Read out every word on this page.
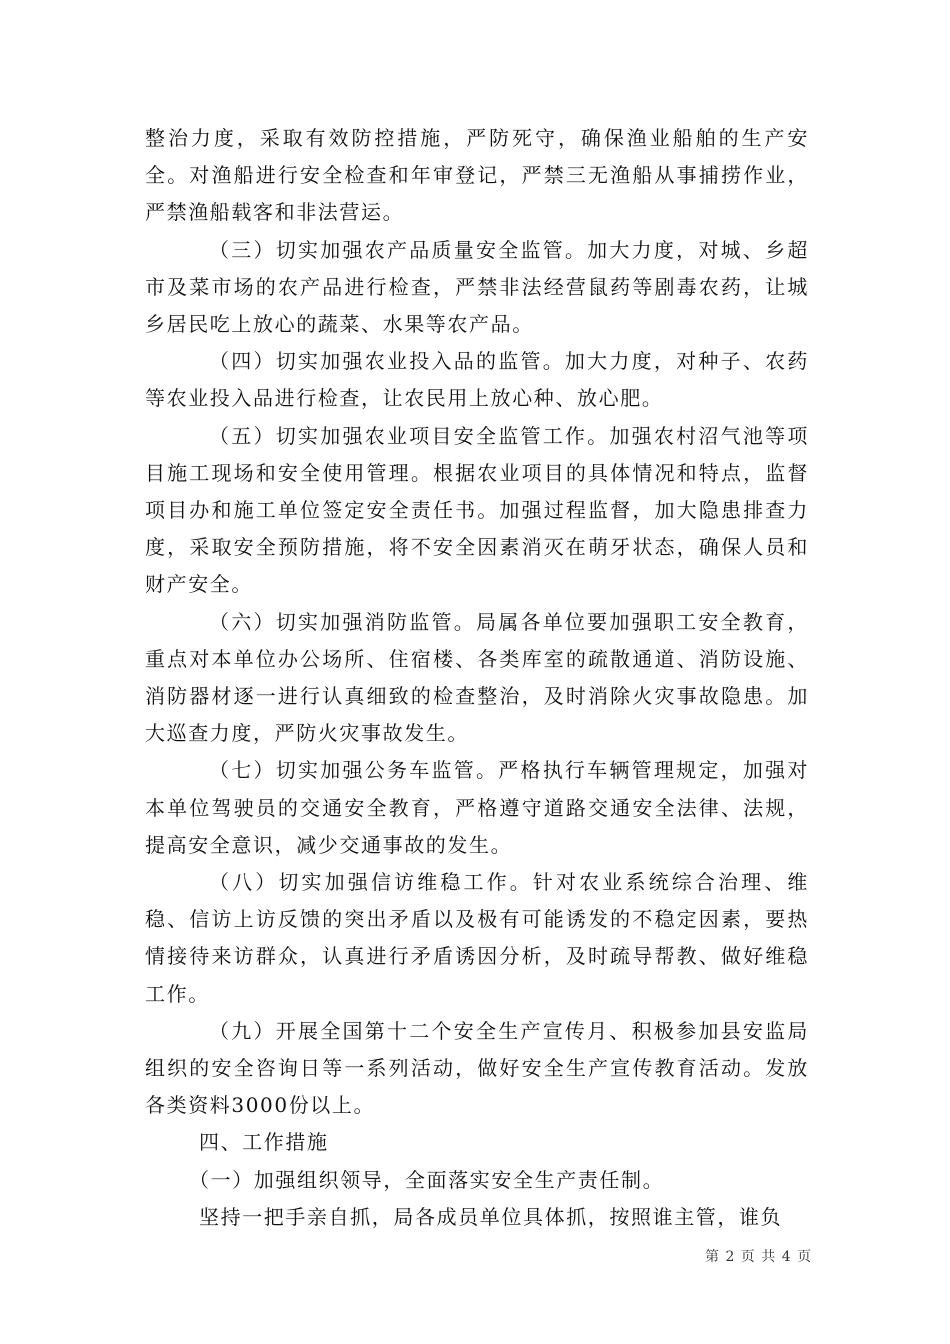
整治力度，采取有效防控措施，严防死守，确保渔业船舶的生产安全。对渔船进行安全检查和年审登记，严禁三无渔船从事捕捞作业，严禁渔船载客和非法营运。

（三）切实加强农产品质量安全监管。加大力度，对城、乡超市及菜市场的农产品进行检查，严禁非法经营鼠药等剧毒农药，让城乡居民吃上放心的蔬菜、水果等农产品。

（四）切实加强农业投入品的监管。加大力度，对种子、农药等农业投入品进行检查，让农民用上放心种、放心肥。

（五）切实加强农业项目安全监管工作。加强农村沼气池等项目施工现场和安全使用管理。根据农业项目的具体情况和特点，监督项目办和施工单位签定安全责任书。加强过程监督，加大隐患排查力度，采取安全预防措施，将不安全因素消灭在萌牙状态，确保人员和财产安全。

（六）切实加强消防监管。局属各单位要加强职工安全教育，重点对本单位办公场所、住宿楼、各类库室的疏散通道、消防设施、消防器材逐一进行认真细致的检查整治，及时消除火灾事故隐患。加大巡查力度，严防火灾事故发生。

（七）切实加强公务车监管。严格执行车辆管理规定，加强对本单位驾驶员的交通安全教育，严格遵守道路交通安全法律、法规，提高安全意识，减少交通事故的发生。

（八）切实加强信访维稳工作。针对农业系统综合治理、维稳、信访上访反馈的突出矛盾以及极有可能诱发的不稳定因素，要热情接待来访群众，认真进行矛盾诱因分析，及时疏导帮教、做好维稳工作。

（九）开展全国第十二个安全生产宣传月、积极参加县安监局组织的安全咨询日等一系列活动，做好安全生产宣传教育活动。发放各类资料3000份以上。

四、工作措施

（一）加强组织领导，全面落实安全生产责任制。

坚持一把手亲自抓，局各成员单位具体抓，按照谁主管，谁负

第 2 页 共 4 页
